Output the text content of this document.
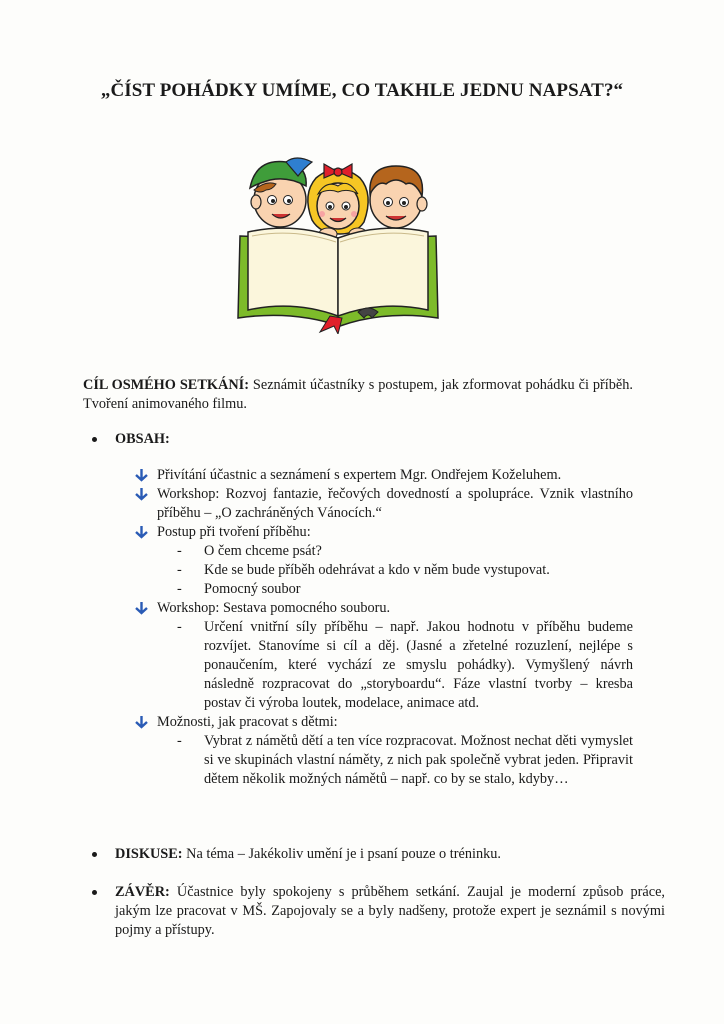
„ČÍST POHÁDKY UMÍME, CO TAKHLE JEDNU NAPSAT?“

CÍL OSMÉHO SETKÁNÍ: Seznámit účastníky s postupem, jak zformovat pohádku či příběh. Tvoření animovaného filmu.

OBSAH:
Přivítání účastnic a seznámení s expertem Mgr. Ondřejem Koželuhem.
Workshop: Rozvoj fantazie, řečových dovedností a spolupráce. Vznik vlastního příběhu – „O zachráněných Vánocích.“
Postup při tvoření příběhu:
- O čem chceme psát?
- Kde se bude příběh odehrávat a kdo v něm bude vystupovat.
- Pomocný soubor
Workshop: Sestava pomocného souboru.
- Určení vnitřní síly příběhu – např. Jakou hodnotu v příběhu budeme rozvíjet. Stanovíme si cíl a děj. (Jasné a zřetelné rozuzlení, nejlépe s ponaučením, které vychází ze smyslu pohádky). Vymyšlený návrh následně rozpracovat do „storyboardu“. Fáze vlastní tvorby – kresba postav či výroba loutek, modelace, animace atd.
Možnosti, jak pracovat s dětmi:
- Vybrat z námětů dětí a ten více rozpracovat. Možnost nechat děti vymyslet si ve skupinách vlastní náměty, z nich pak společně vybrat jeden. Připravit dětem několik možných námětů – např. co by se stalo, kdyby…
DISKUSE: Na téma – Jakékoliv umění je i psaní pouze o tréninku.
ZÁVĚR: Účastnice byly spokojeny s průběhem setkání. Zaujal je moderní způsob práce, jakým lze pracovat v MŠ. Zapojovaly se a byly nadšeny, protože expert je seznámil s novými pojmy a přístupy.
